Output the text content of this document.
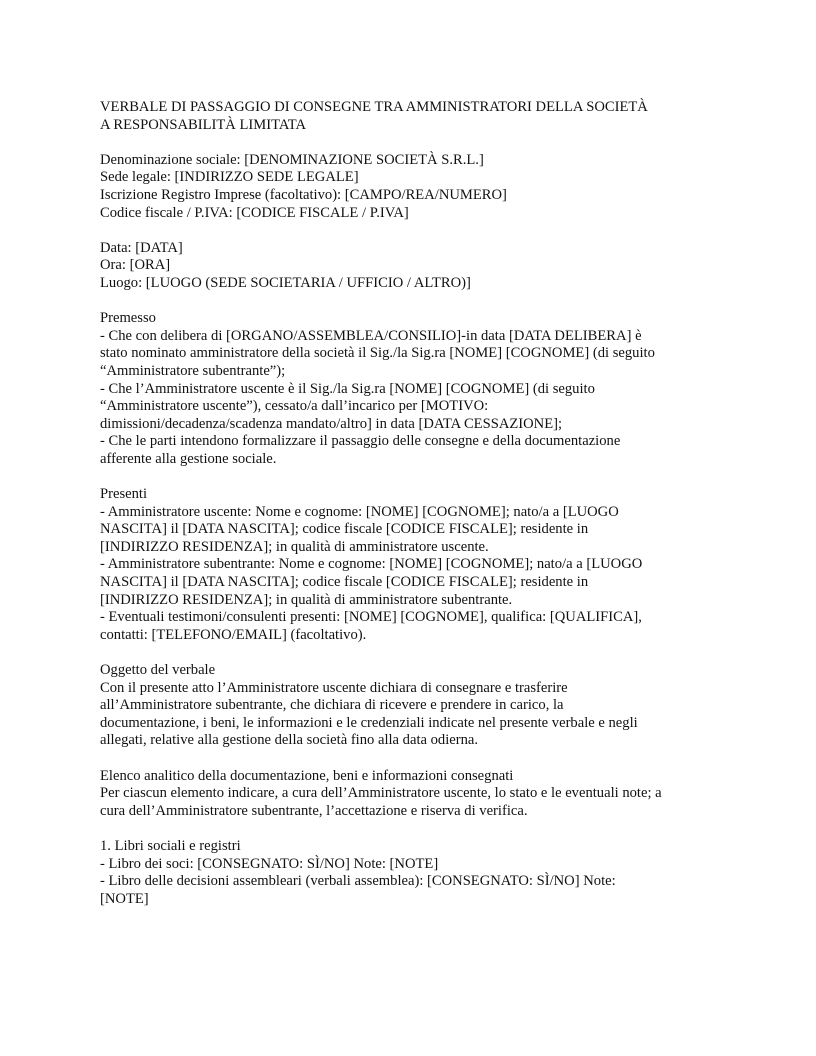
VERBALE DI PASSAGGIO DI CONSEGNE TRA AMMINISTRATORI DELLA SOCIETÀ
A RESPONSABILITÀ LIMITATA
Denominazione sociale: [DENOMINAZIONE SOCIETÀ S.R.L.]
Sede legale: [INDIRIZZO SEDE LEGALE]
Iscrizione Registro Imprese (facoltativo): [CAMPO/REA/NUMERO]
Codice fiscale / P.IVA: [CODICE FISCALE / P.IVA]
Data: [DATA]
Ora: [ORA]
Luogo: [LUOGO (SEDE SOCIETARIA / UFFICIO / ALTRO)]
Premesso
- Che con delibera di [ORGANO/ASSEMBLEA/CONSILIO]-in data [DATA DELIBERA] è
stato nominato amministratore della società il Sig./la Sig.ra [NOME] [COGNOME] (di seguito
“Amministratore subentrante”);
- Che l’Amministratore uscente è il Sig./la Sig.ra [NOME] [COGNOME] (di seguito
“Amministratore uscente”), cessato/a dall’incarico per [MOTIVO:
dimissioni/decadenza/scadenza mandato/altro] in data [DATA CESSAZIONE];
- Che le parti intendono formalizzare il passaggio delle consegne e della documentazione
afferente alla gestione sociale.
Presenti
- Amministratore uscente: Nome e cognome: [NOME] [COGNOME]; nato/a a [LUOGO
NASCITA] il [DATA NASCITA]; codice fiscale [CODICE FISCALE]; residente in
[INDIRIZZO RESIDENZA]; in qualità di amministratore uscente.
- Amministratore subentrante: Nome e cognome: [NOME] [COGNOME]; nato/a a [LUOGO
NASCITA] il [DATA NASCITA]; codice fiscale [CODICE FISCALE]; residente in
[INDIRIZZO RESIDENZA]; in qualità di amministratore subentrante.
- Eventuali testimoni/consulenti presenti: [NOME] [COGNOME], qualifica: [QUALIFICA],
contatti: [TELEFONO/EMAIL] (facoltativo).
Oggetto del verbale
Con il presente atto l’Amministratore uscente dichiara di consegnare e trasferire
all’Amministratore subentrante, che dichiara di ricevere e prendere in carico, la
documentazione, i beni, le informazioni e le credenziali indicate nel presente verbale e negli
allegati, relative alla gestione della società fino alla data odierna.
Elenco analitico della documentazione, beni e informazioni consegnati
Per ciascun elemento indicare, a cura dell’Amministratore uscente, lo stato e le eventuali note; a
cura dell’Amministratore subentrante, l’accettazione e riserva di verifica.
1. Libri sociali e registri
- Libro dei soci: [CONSEGNATO: SÌ/NO] Note: [NOTE]
- Libro delle decisioni assembleari (verbali assemblea): [CONSEGNATO: SÌ/NO] Note:
[NOTE]
